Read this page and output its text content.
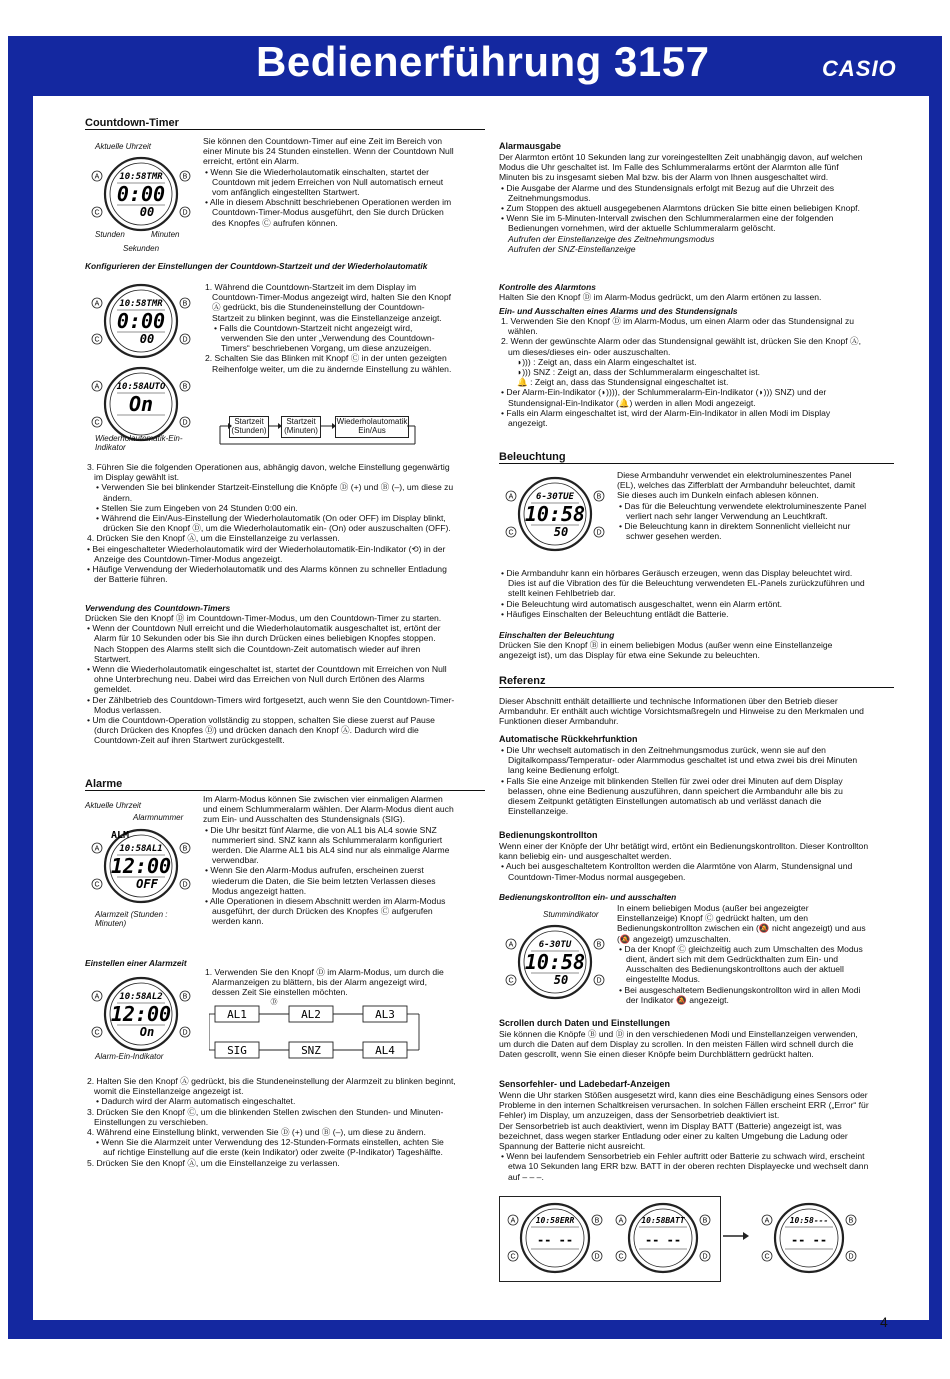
Bedienerführung 3157	CASIO
Countdown-Timer
Aktuelle Uhrzeit
A	B
C	D
10:58TMR
0:00
00
Stunden	Minuten
Sekunden
Sie können den Countdown-Timer auf eine Zeit im Bereich von einer Minute bis 24 Stunden einstellen. Wenn der Countdown Null erreicht, ertönt ein Alarm.
• Wenn Sie die Wiederholautomatik einschalten, startet der Countdown mit jedem Erreichen von Null automatisch erneut vom anfänglich eingestellten Startwert.
• Alle in diesem Abschnitt beschriebenen Operationen werden im Countdown-Timer-Modus ausgeführt, den Sie durch Drücken des Knopfes Ⓒ aufrufen können.
Konfigurieren der Einstellungen der Countdown-Startzeit und der Wiederholautomatik
A	B
C	D
10:58TMR
0:00
00
A	B
C	D
10:58AUTO
On
Wiederholautomatik-Ein-Indikator
1. Während die Countdown-Startzeit im dem Display im Countdown-Timer-Modus angezeigt wird, halten Sie den Knopf Ⓐ gedrückt, bis die Stundeneinstellung der Countdown-Startzeit zu blinken beginnt, was die Einstellanzeige anzeigt.
• Falls die Countdown-Startzeit nicht angezeigt wird, verwenden Sie den unter „Verwendung des Countdown-Timers“ beschriebenen Vorgang, um diese anzuzeigen.
2. Schalten Sie das Blinken mit Knopf Ⓒ in der unten gezeigten Reihenfolge weiter, um die zu ändernde Einstellung zu wählen.
Startzeit (Stunden)
Startzeit (Minuten)
Wiederholautomatik Ein/Aus
3. Führen Sie die folgenden Operationen aus, abhängig davon, welche Einstellung gegenwärtig im Display gewählt ist.
• Verwenden Sie bei blinkender Startzeit-Einstellung die Knöpfe Ⓓ (+) und Ⓑ (–), um diese zu ändern.
• Stellen Sie zum Eingeben von 24 Stunden 0:00 ein.
• Während die Ein/Aus-Einstellung der Wiederholautomatik (On oder OFF) im Display blinkt, drücken Sie den Knopf Ⓓ, um die Wiederholautomatik ein- (On) oder auszuschalten (OFF).
4. Drücken Sie den Knopf Ⓐ, um die Einstellanzeige zu verlassen.
• Bei eingeschalteter Wiederholautomatik wird der Wiederholautomatik-Ein-Indikator (⟲) in der Anzeige des Countdown-Timer-Modus angezeigt.
• Häufige Verwendung der Wiederholautomatik und des Alarms können zu schneller Entladung der Batterie führen.
Verwendung des Countdown-Timers
Drücken Sie den Knopf Ⓓ im Countdown-Timer-Modus, um den Countdown-Timer zu starten.
• Wenn der Countdown Null erreicht und die Wiederholautomatik ausgeschaltet ist, ertönt der Alarm für 10 Sekunden oder bis Sie ihn durch Drücken eines beliebigen Knopfes stoppen. Nach Stoppen des Alarms stellt sich die Countdown-Zeit automatisch wieder auf ihren Startwert.
• Wenn die Wiederholautomatik eingeschaltet ist, startet der Countdown mit Erreichen von Null ohne Unterbrechung neu. Dabei wird das Erreichen von Null durch Ertönen des Alarms gemeldet.
• Der Zählbetrieb des Countdown-Timers wird fortgesetzt, auch wenn Sie den Countdown-Timer-Modus verlassen.
• Um die Countdown-Operation vollständig zu stoppen, schalten Sie diese zuerst auf Pause (durch Drücken des Knopfes Ⓓ) und drücken danach den Knopf Ⓐ. Dadurch wird die Countdown-Zeit auf ihren Startwert zurückgestellt.
Alarme
Aktuelle Uhrzeit
Alarmnummer
A	B
C	D
10:58AL1
12:00
OFF
ALM
Alarmzeit (Stunden : Minuten)
Im Alarm-Modus können Sie zwischen vier einmaligen Alarmen und einem Schlummeralarm wählen. Der Alarm-Modus dient auch zum Ein- und Ausschalten des Stundensignals (SIG).
• Die Uhr besitzt fünf Alarme, die von AL1 bis AL4 sowie SNZ nummeriert sind. SNZ kann als Schlummeralarm konfiguriert werden. Die Alarme AL1 bis AL4 sind nur als einmalige Alarme verwendbar.
• Wenn Sie den Alarm-Modus aufrufen, erscheinen zuerst wiederum die Daten, die Sie beim letzten Verlassen dieses Modus angezeigt hatten.
• Alle Operationen in diesem Abschnitt werden im Alarm-Modus ausgeführt, der durch Drücken des Knopfes Ⓒ aufgerufen werden kann.
Einstellen einer Alarmzeit
A	B
C	D
10:58AL2
12:00
On
Alarm-Ein-Indikator
1. Verwenden Sie den Knopf Ⓓ im Alarm-Modus, um durch die Alarmanzeigen zu blättern, bis der Alarm angezeigt wird, dessen Zeit Sie einstellen möchten.
AL1	AL2	AL3
SIG	SNZ	AL4
Ⓓ
2. Halten Sie den Knopf Ⓐ gedrückt, bis die Stundeneinstellung der Alarmzeit zu blinken beginnt, womit die Einstellanzeige angezeigt ist.
• Dadurch wird der Alarm automatisch eingeschaltet.
3. Drücken Sie den Knopf Ⓒ, um die blinkenden Stellen zwischen den Stunden- und Minuten-Einstellungen zu verschieben.
4. Während eine Einstellung blinkt, verwenden Sie Ⓓ (+) und Ⓑ (–), um diese zu ändern.
• Wenn Sie die Alarmzeit unter Verwendung des 12-Stunden-Formats einstellen, achten Sie auf richtige Einstellung auf die erste (kein Indikator) oder zweite (P-Indikator) Tageshälfte.
5. Drücken Sie den Knopf Ⓐ, um die Einstellanzeige zu verlassen.
Alarmausgabe
Der Alarmton ertönt 10 Sekunden lang zur voreingestellten Zeit unabhängig davon, auf welchen Modus die Uhr geschaltet ist. Im Falle des Schlummeralarms ertönt der Alarmton alle fünf Minuten bis zu insgesamt sieben Mal bzw. bis der Alarm von Ihnen ausgeschaltet wird.
• Die Ausgabe der Alarme und des Stundensignals erfolgt mit Bezug auf die Uhrzeit des Zeitnehmungsmodus.
• Zum Stoppen des aktuell ausgegebenen Alarmtons drücken Sie bitte einen beliebigen Knopf.
• Wenn Sie im 5-Minuten-Intervall zwischen den Schlummeralarmen eine der folgenden Bedienungen vornehmen, wird der aktuelle Schlummeralarm gelöscht.
Aufrufen der Einstellanzeige des Zeitnehmungsmodus
Aufrufen der SNZ-Einstellanzeige
Kontrolle des Alarmtons
Halten Sie den Knopf Ⓓ im Alarm-Modus gedrückt, um den Alarm ertönen zu lassen.
Ein- und Ausschalten eines Alarms und des Stundensignals
1. Verwenden Sie den Knopf Ⓓ im Alarm-Modus, um einen Alarm oder das Stundensignal zu wählen.
2. Wenn der gewünschte Alarm oder das Stundensignal gewählt ist, drücken Sie den Knopf Ⓐ, um dieses/dieses ein- oder auszuschalten.
◗))) : Zeigt an, dass ein Alarm eingeschaltet ist.
◗))) SNZ : Zeigt an, dass der Schlummeralarm eingeschaltet ist.
🔔 : Zeigt an, dass das Stundensignal eingeschaltet ist.
• Der Alarm-Ein-Indikator (◗)))), der Schlummeralarm-Ein-Indikator (◗))) SNZ) und der Stundensignal-Ein-Indikator (🔔) werden in allen Modi angezeigt.
• Falls ein Alarm eingeschaltet ist, wird der Alarm-Ein-Indikator in allen Modi im Display angezeigt.
Beleuchtung
A	B
C	D
6-30TUE
10:58
50
Diese Armbanduhr verwendet ein elektrolumineszentes Panel (EL), welches das Zifferblatt der Armbanduhr beleuchtet, damit Sie dieses auch im Dunkeln einfach ablesen können.
• Das für die Beleuchtung verwendete elektrolumineszente Panel verliert nach sehr langer Verwendung an Leuchtkraft.
• Die Beleuchtung kann in direktem Sonnenlicht vielleicht nur schwer gesehen werden.
• Die Armbanduhr kann ein hörbares Geräusch erzeugen, wenn das Display beleuchtet wird. Dies ist auf die Vibration des für die Beleuchtung verwendeten EL-Panels zurückzuführen und stellt keinen Fehlbetrieb dar.
• Die Beleuchtung wird automatisch ausgeschaltet, wenn ein Alarm ertönt.
• Häufiges Einschalten der Beleuchtung entlädt die Batterie.
Einschalten der Beleuchtung
Drücken Sie den Knopf Ⓑ in einem beliebigen Modus (außer wenn eine Einstellanzeige angezeigt ist), um das Display für etwa eine Sekunde zu beleuchten.
Referenz
Dieser Abschnitt enthält detaillierte und technische Informationen über den Betrieb dieser Armbanduhr. Er enthält auch wichtige Vorsichtsmaßregeln und Hinweise zu den Merkmalen und Funktionen dieser Armbanduhr.
Automatische Rückkehrfunktion
• Die Uhr wechselt automatisch in den Zeitnehmungsmodus zurück, wenn sie auf den Digitalkompass/Temperatur- oder Alarmmodus geschaltet ist und etwa zwei bis drei Minuten lang keine Bedienung erfolgt.
• Falls Sie eine Anzeige mit blinkenden Stellen für zwei oder drei Minuten auf dem Display belassen, ohne eine Bedienung auszuführen, dann speichert die Armbanduhr alle bis zu diesem Zeitpunkt getätigten Einstellungen automatisch ab und verlässt danach die Einstellanzeige.
Bedienungskontrollton
Wenn einer der Knöpfe der Uhr betätigt wird, ertönt ein Bedienungskontrollton. Dieser Kontrollton kann beliebig ein- und ausgeschaltet werden.
• Auch bei ausgeschaltetem Kontrollton werden die Alarmtöne von Alarm, Stundensignal und Countdown-Timer-Modus normal ausgegeben.
Bedienungskontrollton ein- und ausschalten
Stummindikator
A	B
C	D
6-30TU
10:58
50
In einem beliebigen Modus (außer bei angezeigter Einstellanzeige) Knopf Ⓒ gedrückt halten, um den Bedienungskontrollton zwischen ein (🔕 nicht angezeigt) und aus (🔕 angezeigt) umzuschalten.
• Da der Knopf Ⓒ gleichzeitig auch zum Umschalten des Modus dient, ändert sich mit dem Gedrückthalten zum Ein- und Ausschalten des Bedienungskontrolltons auch der aktuell eingestellte Modus.
• Bei ausgeschaltetem Bedienungskontrollton wird in allen Modi der Indikator 🔕 angezeigt.
Scrollen durch Daten und Einstellungen
Sie können die Knöpfe Ⓑ und Ⓓ in den verschiedenen Modi und Einstellanzeigen verwenden, um durch die Daten auf dem Display zu scrollen. In den meisten Fällen wird schnell durch die Daten gescrollt, wenn Sie einen dieser Knöpfe beim Durchblättern gedrückt halten.
Sensorfehler- und Ladebedarf-Anzeigen
Wenn die Uhr starken Stößen ausgesetzt wird, kann dies eine Beschädigung eines Sensors oder Probleme in den internen Schaltkreisen verursachen. In solchen Fällen erscheint ERR („Error“ für Fehler) im Display, um anzuzeigen, dass der Sensorbetrieb deaktiviert ist.
Der Sensorbetrieb ist auch deaktiviert, wenn im Display BATT (Batterie) angezeigt ist, was bezeichnet, dass wegen starker Entladung oder einer zu kalten Umgebung die Ladung oder Spannung der Batterie nicht ausreicht.
• Wenn bei laufendem Sensorbetrieb ein Fehler auftritt oder Batterie zu schwach wird, erscheint etwa 10 Sekunden lang ERR bzw. BATT in der oberen rechten Displayecke und wechselt dann auf – – –.
A	B
C	D
10:58ERR
-- --
A	B
C	D
10:58BATT
-- --
A	B
C	D
10:58---
-- --
4
